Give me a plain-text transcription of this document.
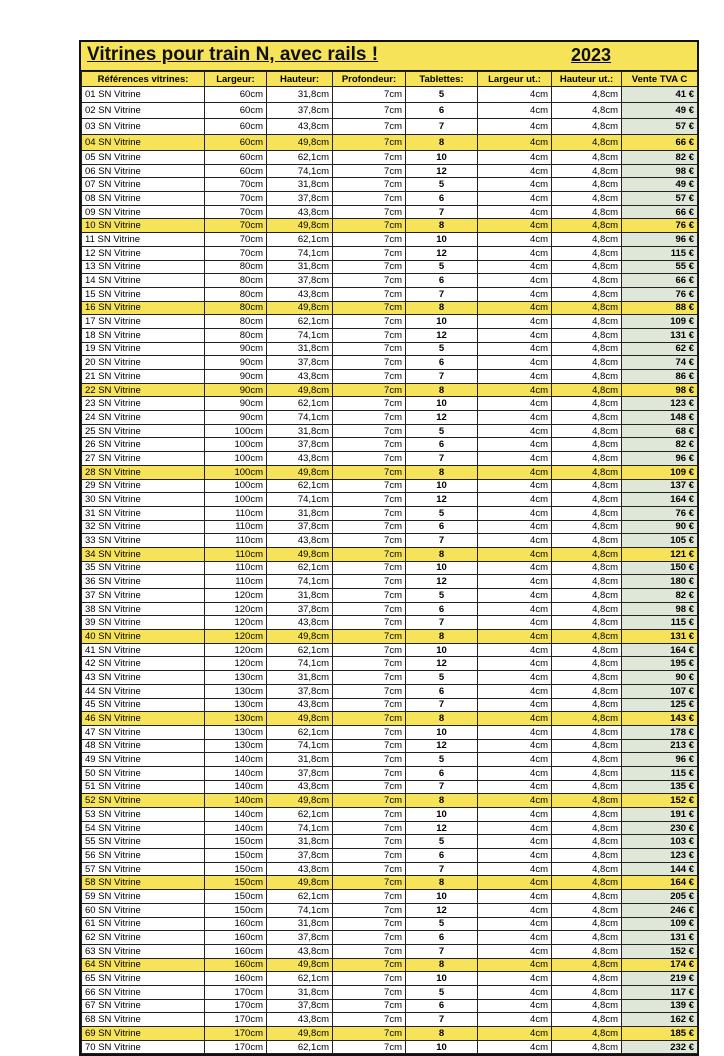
Vitrines pour train N, avec rails !	2023
Références vitrines:	Largeur:	Hauteur:	Profondeur:	Tablettes:	Largeur ut.:	Hauteur ut.:	Vente TVA C
01 SN Vitrine	60cm	31,8cm	7cm	5	4cm	4,8cm	41 €
02 SN Vitrine	60cm	37,8cm	7cm	6	4cm	4,8cm	49 €
03 SN Vitrine	60cm	43,8cm	7cm	7	4cm	4,8cm	57 €
04 SN Vitrine	60cm	49,8cm	7cm	8	4cm	4,8cm	66 €
05 SN Vitrine	60cm	62,1cm	7cm	10	4cm	4,8cm	82 €
06 SN Vitrine	60cm	74,1cm	7cm	12	4cm	4,8cm	98 €
07 SN Vitrine	70cm	31,8cm	7cm	5	4cm	4,8cm	49 €
08 SN Vitrine	70cm	37,8cm	7cm	6	4cm	4,8cm	57 €
09 SN Vitrine	70cm	43,8cm	7cm	7	4cm	4,8cm	66 €
10 SN Vitrine	70cm	49,8cm	7cm	8	4cm	4,8cm	76 €
11 SN Vitrine	70cm	62,1cm	7cm	10	4cm	4,8cm	96 €
12 SN Vitrine	70cm	74,1cm	7cm	12	4cm	4,8cm	115 €
13 SN Vitrine	80cm	31,8cm	7cm	5	4cm	4,8cm	55 €
14 SN Vitrine	80cm	37,8cm	7cm	6	4cm	4,8cm	66 €
15 SN Vitrine	80cm	43,8cm	7cm	7	4cm	4,8cm	76 €
16 SN Vitrine	80cm	49,8cm	7cm	8	4cm	4,8cm	88 €
17 SN Vitrine	80cm	62,1cm	7cm	10	4cm	4,8cm	109 €
18 SN Vitrine	80cm	74,1cm	7cm	12	4cm	4,8cm	131 €
19 SN Vitrine	90cm	31,8cm	7cm	5	4cm	4,8cm	62 €
20 SN Vitrine	90cm	37,8cm	7cm	6	4cm	4,8cm	74 €
21 SN Vitrine	90cm	43,8cm	7cm	7	4cm	4,8cm	86 €
22 SN Vitrine	90cm	49,8cm	7cm	8	4cm	4,8cm	98 €
23 SN Vitrine	90cm	62,1cm	7cm	10	4cm	4,8cm	123 €
24 SN Vitrine	90cm	74,1cm	7cm	12	4cm	4,8cm	148 €
25 SN Vitrine	100cm	31,8cm	7cm	5	4cm	4,8cm	68 €
26 SN Vitrine	100cm	37,8cm	7cm	6	4cm	4,8cm	82 €
27 SN Vitrine	100cm	43,8cm	7cm	7	4cm	4,8cm	96 €
28 SN Vitrine	100cm	49,8cm	7cm	8	4cm	4,8cm	109 €
29 SN Vitrine	100cm	62,1cm	7cm	10	4cm	4,8cm	137 €
30 SN Vitrine	100cm	74,1cm	7cm	12	4cm	4,8cm	164 €
31 SN Vitrine	110cm	31,8cm	7cm	5	4cm	4,8cm	76 €
32 SN Vitrine	110cm	37,8cm	7cm	6	4cm	4,8cm	90 €
33 SN Vitrine	110cm	43,8cm	7cm	7	4cm	4,8cm	105 €
34 SN Vitrine	110cm	49,8cm	7cm	8	4cm	4,8cm	121 €
35 SN Vitrine	110cm	62,1cm	7cm	10	4cm	4,8cm	150 €
36 SN Vitrine	110cm	74,1cm	7cm	12	4cm	4,8cm	180 €
37 SN Vitrine	120cm	31,8cm	7cm	5	4cm	4,8cm	82 €
38 SN Vitrine	120cm	37,8cm	7cm	6	4cm	4,8cm	98 €
39 SN Vitrine	120cm	43,8cm	7cm	7	4cm	4,8cm	115 €
40 SN Vitrine	120cm	49,8cm	7cm	8	4cm	4,8cm	131 €
41 SN Vitrine	120cm	62,1cm	7cm	10	4cm	4,8cm	164 €
42 SN Vitrine	120cm	74,1cm	7cm	12	4cm	4,8cm	195 €
43 SN Vitrine	130cm	31,8cm	7cm	5	4cm	4,8cm	90 €
44 SN Vitrine	130cm	37,8cm	7cm	6	4cm	4,8cm	107 €
45 SN Vitrine	130cm	43,8cm	7cm	7	4cm	4,8cm	125 €
46 SN Vitrine	130cm	49,8cm	7cm	8	4cm	4,8cm	143 €
47 SN Vitrine	130cm	62,1cm	7cm	10	4cm	4,8cm	178 €
48 SN Vitrine	130cm	74,1cm	7cm	12	4cm	4,8cm	213 €
49 SN Vitrine	140cm	31,8cm	7cm	5	4cm	4,8cm	96 €
50 SN Vitrine	140cm	37,8cm	7cm	6	4cm	4,8cm	115 €
51 SN Vitrine	140cm	43,8cm	7cm	7	4cm	4,8cm	135 €
52 SN Vitrine	140cm	49,8cm	7cm	8	4cm	4,8cm	152 €
53 SN Vitrine	140cm	62,1cm	7cm	10	4cm	4,8cm	191 €
54 SN Vitrine	140cm	74,1cm	7cm	12	4cm	4,8cm	230 €
55 SN Vitrine	150cm	31,8cm	7cm	5	4cm	4,8cm	103 €
56 SN Vitrine	150cm	37,8cm	7cm	6	4cm	4,8cm	123 €
57 SN Vitrine	150cm	43,8cm	7cm	7	4cm	4,8cm	144 €
58 SN Vitrine	150cm	49,8cm	7cm	8	4cm	4,8cm	164 €
59 SN Vitrine	150cm	62,1cm	7cm	10	4cm	4,8cm	205 €
60 SN Vitrine	150cm	74,1cm	7cm	12	4cm	4,8cm	246 €
61 SN Vitrine	160cm	31,8cm	7cm	5	4cm	4,8cm	109 €
62 SN Vitrine	160cm	37,8cm	7cm	6	4cm	4,8cm	131 €
63 SN Vitrine	160cm	43,8cm	7cm	7	4cm	4,8cm	152 €
64 SN Vitrine	160cm	49,8cm	7cm	8	4cm	4,8cm	174 €
65 SN Vitrine	160cm	62,1cm	7cm	10	4cm	4,8cm	219 €
66 SN Vitrine	170cm	31,8cm	7cm	5	4cm	4,8cm	117 €
67 SN Vitrine	170cm	37,8cm	7cm	6	4cm	4,8cm	139 €
68 SN Vitrine	170cm	43,8cm	7cm	7	4cm	4,8cm	162 €
69 SN Vitrine	170cm	49,8cm	7cm	8	4cm	4,8cm	185 €
70 SN Vitrine	170cm	62,1cm	7cm	10	4cm	4,8cm	232 €
